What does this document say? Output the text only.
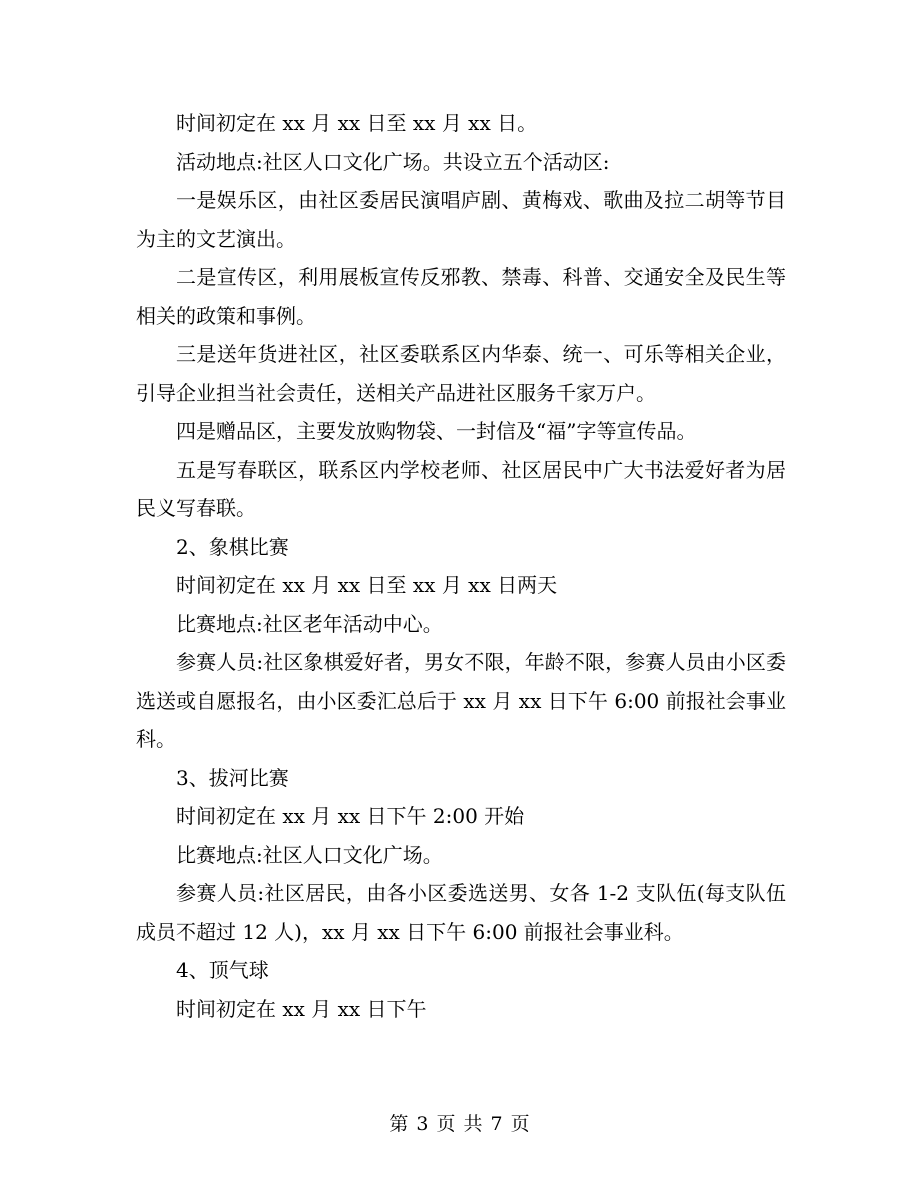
时间初定在 xx 月 xx 日至 xx 月 xx 日。

活动地点:社区人口文化广场。共设立五个活动区:

一是娱乐区，由社区委居民演唱庐剧、黄梅戏、歌曲及拉二胡等节目为主的文艺演出。

二是宣传区，利用展板宣传反邪教、禁毒、科普、交通安全及民生等相关的政策和事例。

三是送年货进社区，社区委联系区内华泰、统一、可乐等相关企业，引导企业担当社会责任，送相关产品进社区服务千家万户。

四是赠品区，主要发放购物袋、一封信及“福”字等宣传品。

五是写春联区，联系区内学校老师、社区居民中广大书法爱好者为居民义写春联。

2、象棋比赛

时间初定在 xx 月 xx 日至 xx 月 xx 日两天

比赛地点:社区老年活动中心。

参赛人员:社区象棋爱好者，男女不限，年龄不限，参赛人员由小区委选送或自愿报名，由小区委汇总后于 xx 月 xx 日下午 6:00 前报社会事业科。

3、拔河比赛

时间初定在 xx 月 xx 日下午 2:00 开始

比赛地点:社区人口文化广场。

参赛人员:社区居民，由各小区委选送男、女各 1-2 支队伍(每支队伍成员不超过 12 人)，xx 月 xx 日下午 6:00 前报社会事业科。

4、顶气球

时间初定在 xx 月 xx 日下午

第 3 页 共 7 页
